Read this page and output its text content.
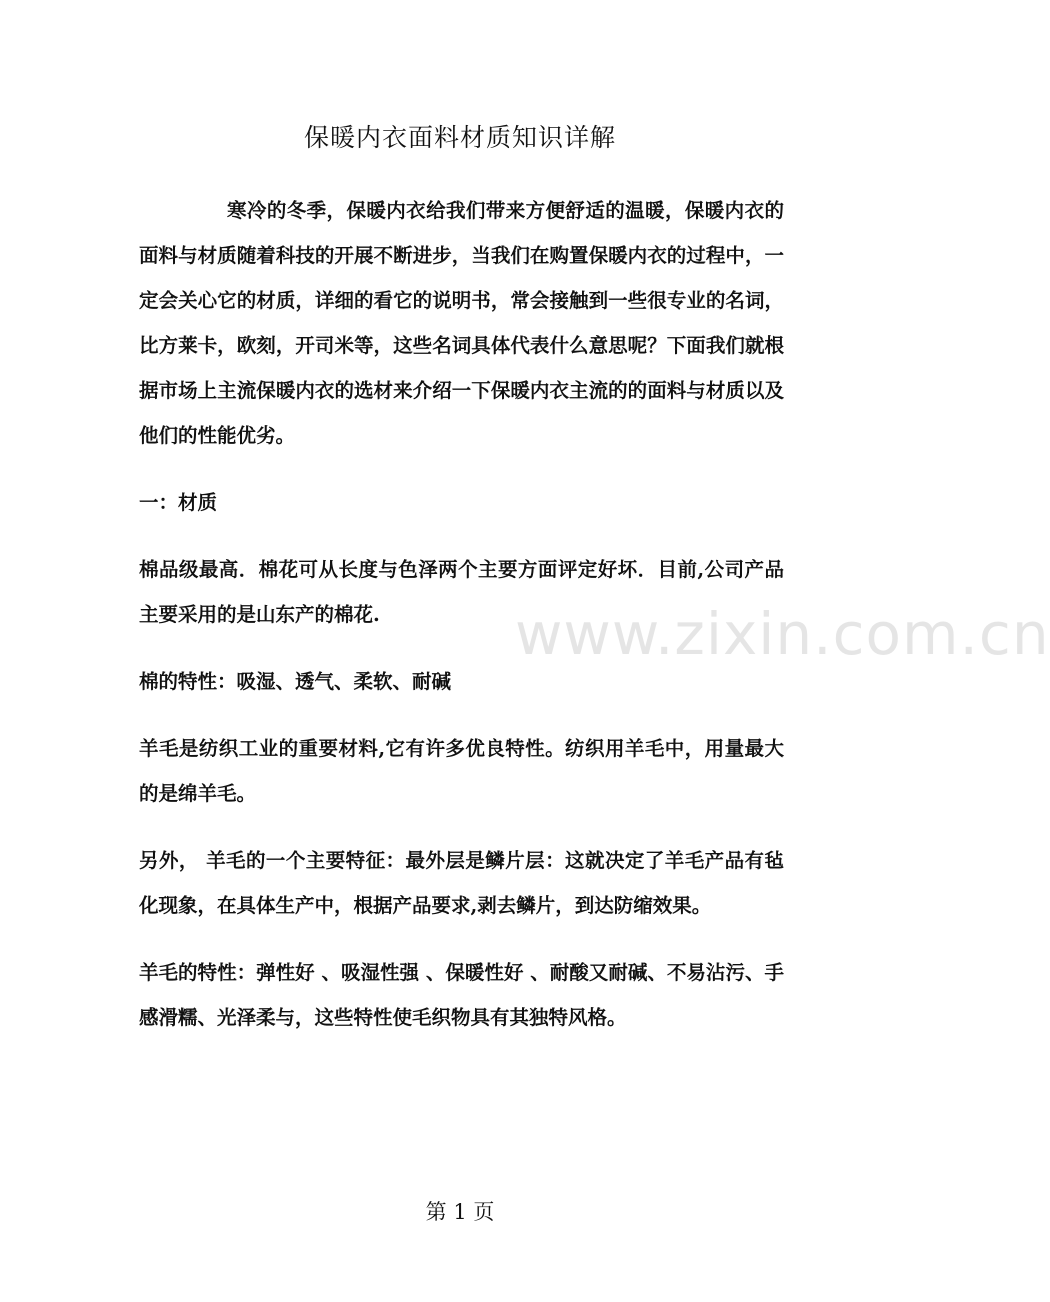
保暖内衣面料材质知识详解

寒冷的冬季，保暖内衣给我们带来方便舒适的温暖，保暖内衣的面料与材质随着科技的开展不断进步，当我们在购置保暖内衣的过程中，一定会关心它的材质，详细的看它的说明书，常会接触到一些很专业的名词，比方莱卡，欧刻，开司米等，这些名词具体代表什么意思呢？下面我们就根据市场上主流保暖内衣的选材来介绍一下保暖内衣主流的的面料与材质以及他们的性能优劣。

一：材质

棉品级最高．棉花可从长度与色泽两个主要方面评定好坏．目前,公司产品主要采用的是山东产的棉花.

棉的特性：吸湿、透气、柔软、耐碱

羊毛是纺织工业的重要材料,它有许多优良特性。纺织用羊毛中，用量最大的是绵羊毛。

另外， 羊毛的一个主要特征：最外层是鳞片层：这就决定了羊毛产品有毡化现象，在具体生产中，根据产品要求,剥去鳞片，到达防缩效果。

羊毛的特性：弹性好 、吸湿性强 、保暖性好 、耐酸又耐碱、不易沾污、手感滑糯、光泽柔与，这些特性使毛织物具有其独特风格。

www.zixin.com.cn
第 1 页
